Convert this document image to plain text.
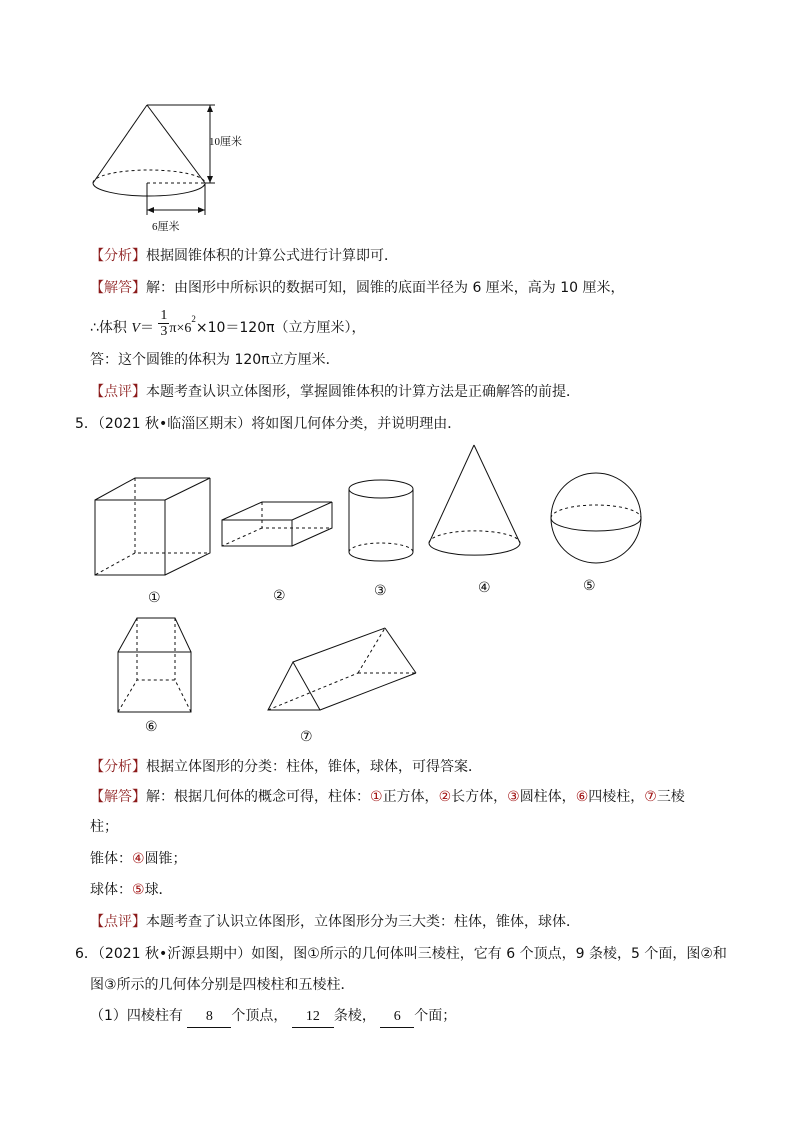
10厘米
6厘米
【分析】根据圆锥体积的计算公式进行计算即可．
【解答】解：由图形中所标识的数据可知，圆锥的底面半径为 6 厘米，高为 10 厘米，
∴体积 $V= \frac{1}{3} \pi\times 6^2\times 10=120\pi$（立方厘米），
答：这个圆锥的体积为 120π立方厘米．
【点评】本题考查认识立体图形，掌握圆锥体积的计算方法是正确解答的前提．
5．（2021 秋•临淄区期末）将如图几何体分类，并说明理由．
①	②	③	④	⑤
⑥
⑦
【分析】根据立体图形的分类：柱体，锥体，球体，可得答案．
【解答】解：根据几何体的概念可得，柱体：①正方体，②长方体，③圆柱体，⑥四棱柱，⑦三棱
柱；
锥体：④圆锥；
球体：⑤球．
【点评】本题考查了认识立体图形，立体图形分为三大类：柱体，锥体，球体．
6．（2021 秋•沂源县期中）如图，图①所示的几何体叫三棱柱，它有 6 个顶点，9 条棱，5 个面，图②和
图③所示的几何体分别是四棱柱和五棱柱．
（1）四棱柱有 8 个顶点， 12 条棱， 6 个面；
